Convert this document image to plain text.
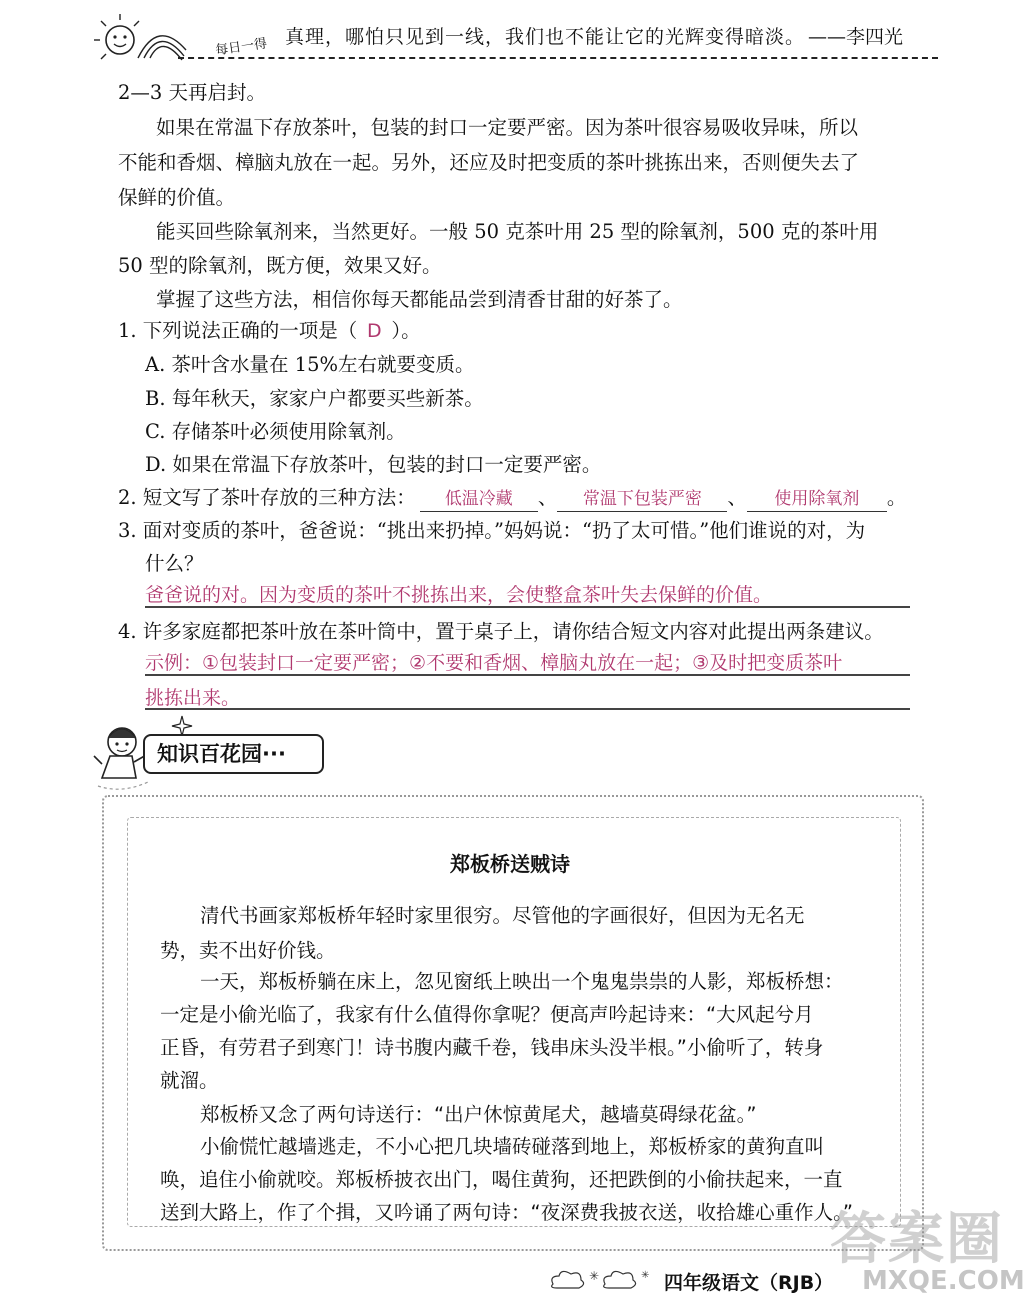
每日一得 真理，哪怕只见到一线，我们也不能让它的光辉变得暗淡。 ——李四光
2—3 天再启封。
如果在常温下存放茶叶，包装的封口一定要严密。因为茶叶很容易吸收异味，所以
不能和香烟、樟脑丸放在一起。另外，还应及时把变质的茶叶挑拣出来，否则便失去了
保鲜的价值。
能买回些除氧剂来，当然更好。一般 50 克茶叶用 25 型的除氧剂，500 克的茶叶用
50 型的除氧剂，既方便，效果又好。
掌握了这些方法，相信你每天都能品尝到清香甘甜的好茶了。
1. 下列说法正确的一项是（ D ）。
A. 茶叶含水量在 15%左右就要变质。
B. 每年秋天，家家户户都要买些新茶。
C. 存储茶叶必须使用除氧剂。
D. 如果在常温下存放茶叶，包装的封口一定要严密。
2. 短文写了茶叶存放的三种方法： 低温冷藏 、 常温下包装严密 、 使用除氧剂 。
3. 面对变质的茶叶，爸爸说：“挑出来扔掉。”妈妈说：“扔了太可惜。”他们谁说的对，为
什么？
爸爸说的对。因为变质的茶叶不挑拣出来，会使整盒茶叶失去保鲜的价值。
4. 许多家庭都把茶叶放在茶叶筒中，置于桌子上，请你结合短文内容对此提出两条建议。
示例：①包装封口一定要严密；②不要和香烟、樟脑丸放在一起；③及时把变质茶叶
挑拣出来。
知识百花园···
郑板桥送贼诗
清代书画家郑板桥年轻时家里很穷。尽管他的字画很好，但因为无名无
势，卖不出好价钱。
一天，郑板桥躺在床上，忽见窗纸上映出一个鬼鬼祟祟的人影，郑板桥想：
一定是小偷光临了，我家有什么值得你拿呢？便高声吟起诗来：“大风起兮月
正昏，有劳君子到寒门！诗书腹内藏千卷，钱串床头没半根。”小偷听了，转身
就溜。
郑板桥又念了两句诗送行：“出户休惊黄尾犬，越墙莫碍绿花盆。”
小偷慌忙越墙逃走，不小心把几块墙砖碰落到地上，郑板桥家的黄狗直叫
唤，追住小偷就咬。郑板桥披衣出门，喝住黄狗，还把跌倒的小偷扶起来，一直
送到大路上，作了个揖，又吟诵了两句诗：“夜深费我披衣送，收拾雄心重作人。”
✳	✳ 四年级语文（RJB）
答案圈
MXQE.COM
